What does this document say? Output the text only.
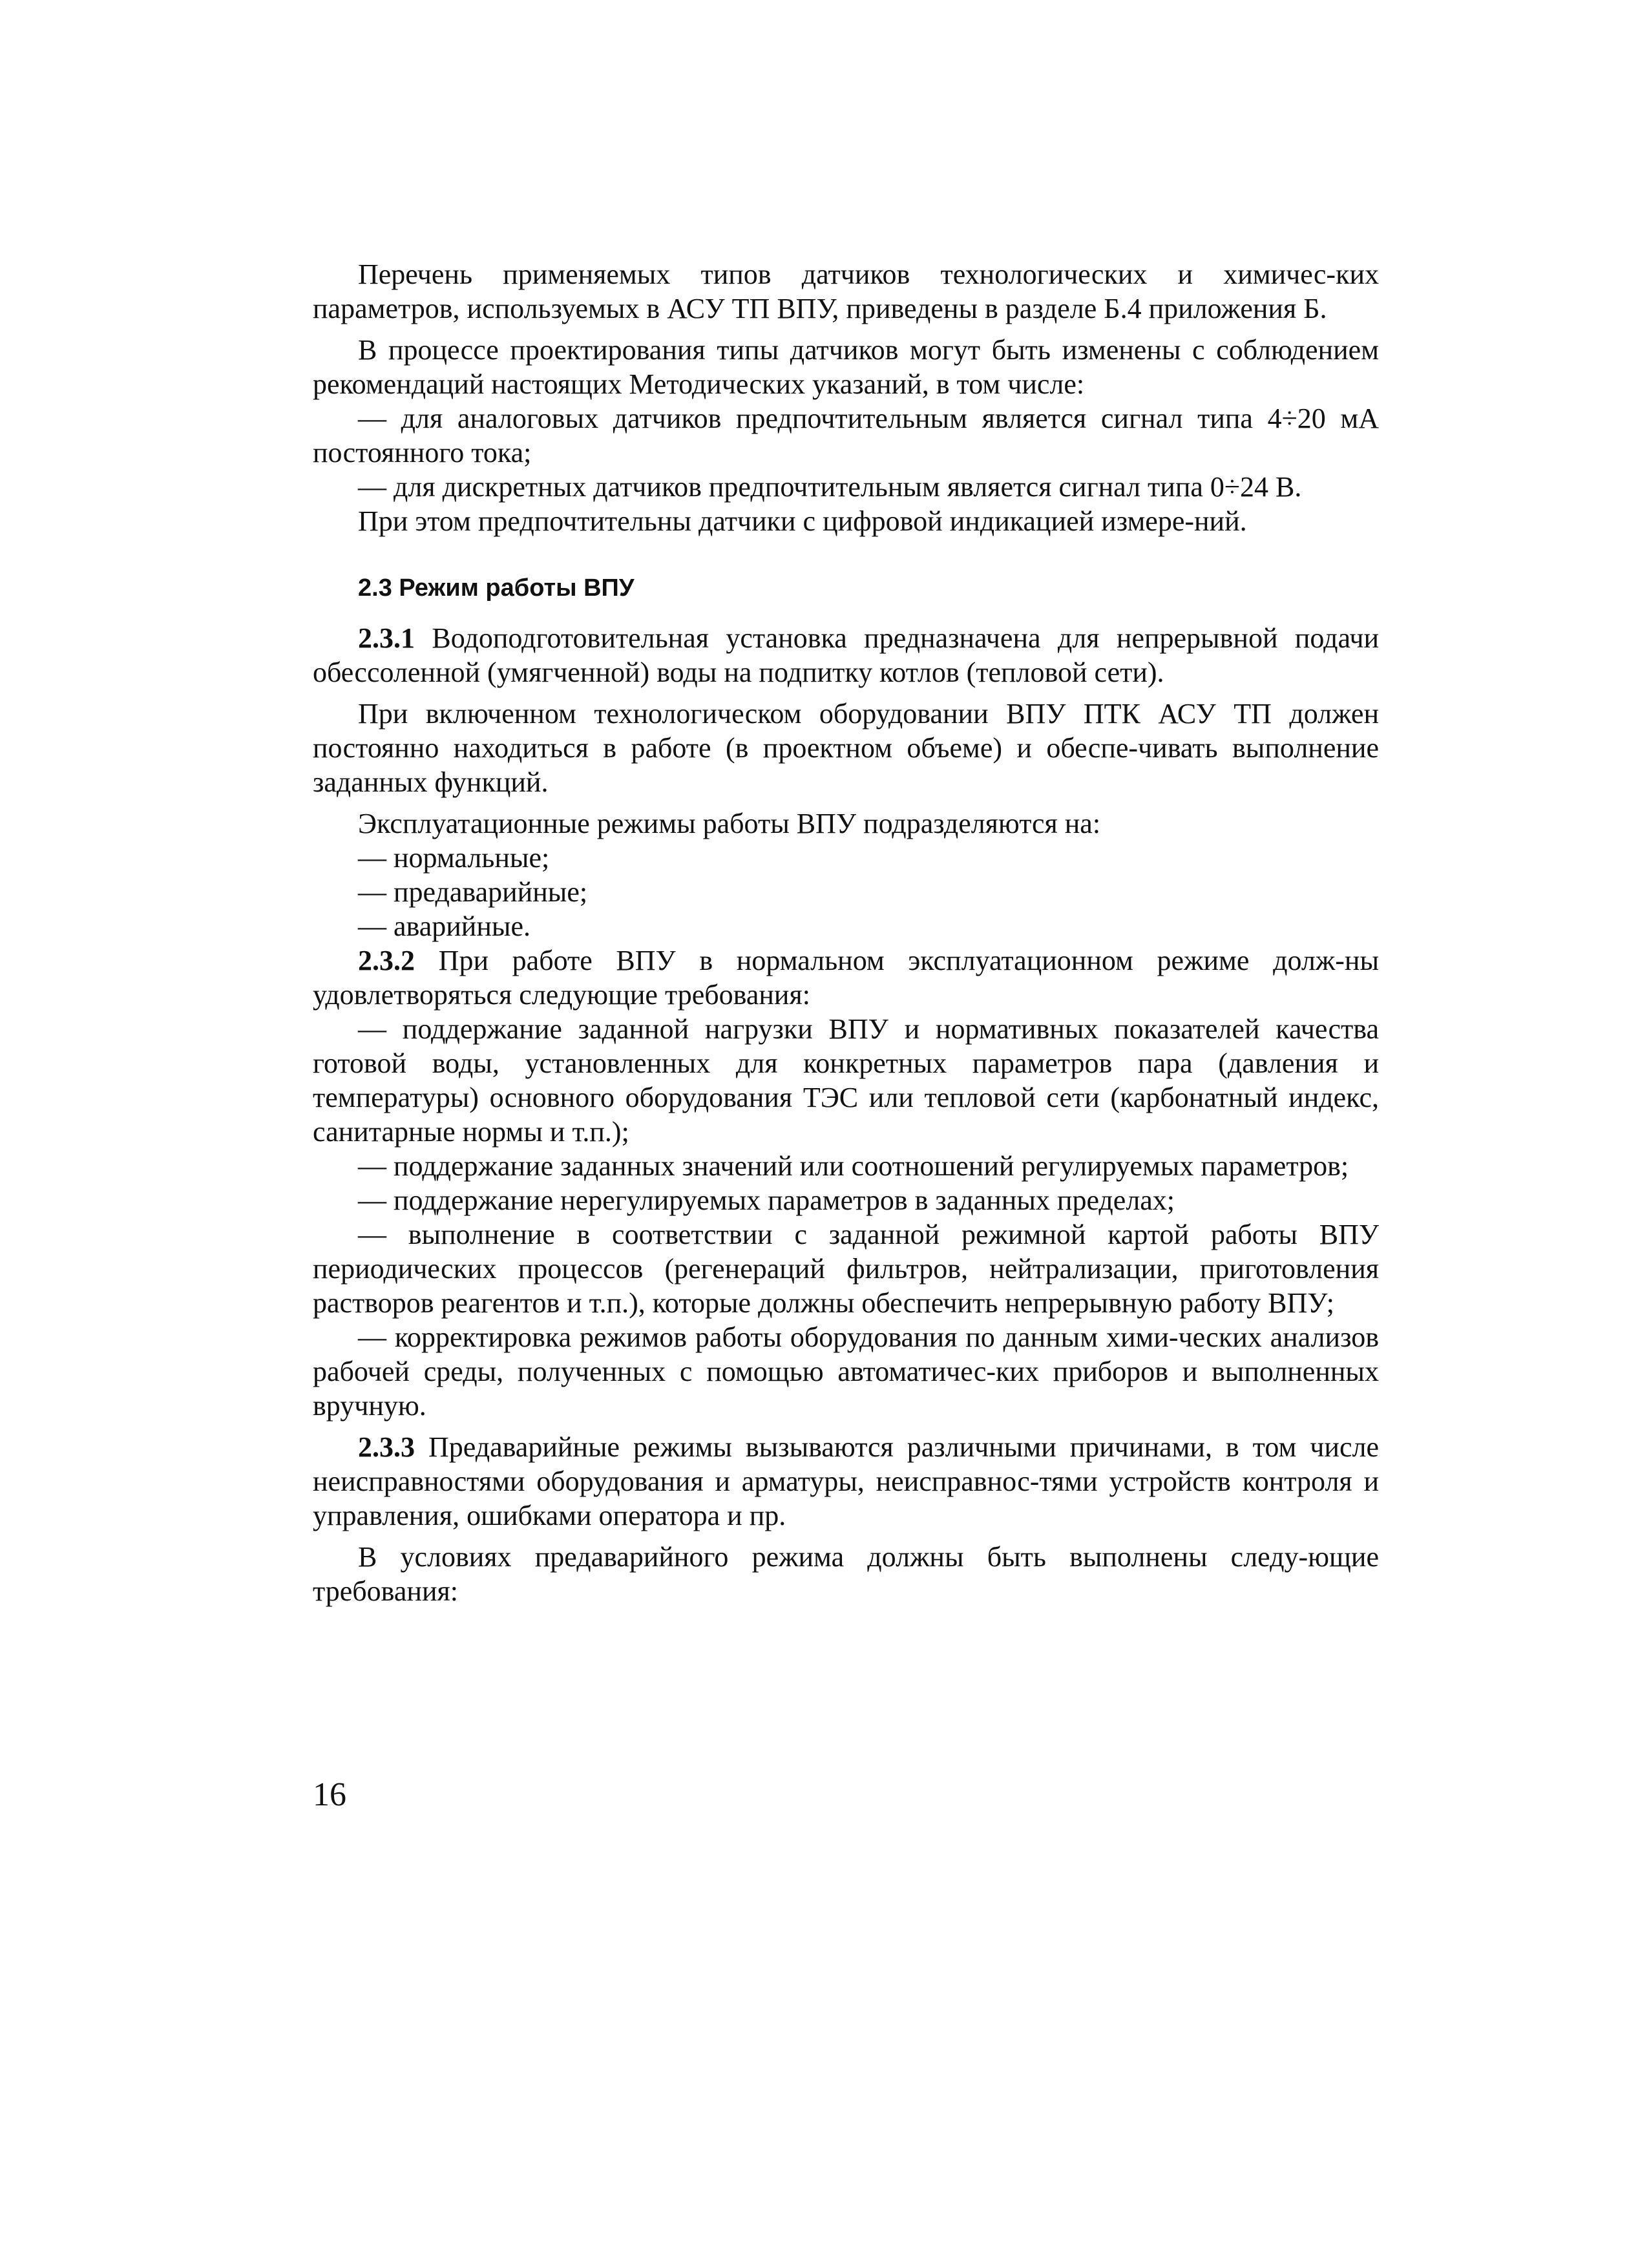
Перечень применяемых типов датчиков технологических и химичес-ких параметров, используемых в АСУ ТП ВПУ, приведены в разделе Б.4 приложения Б.

В процессе проектирования типы датчиков могут быть изменены с соблюдением рекомендаций настоящих Методических указаний, в том числе:

— для аналоговых датчиков предпочтительным является сигнал типа 4÷20 мА постоянного тока;

— для дискретных датчиков предпочтительным является сигнал типа 0÷24 В.

При этом предпочтительны датчики с цифровой индикацией измере-ний.

2.3 Режим работы ВПУ

2.3.1 Водоподготовительная установка предназначена для непрерывной подачи обессоленной (умягченной) воды на подпитку котлов (тепловой сети).

При включенном технологическом оборудовании ВПУ ПТК АСУ ТП должен постоянно находиться в работе (в проектном объеме) и обеспе-чивать выполнение заданных функций.

Эксплуатационные режимы работы ВПУ подразделяются на:

— нормальные;

— предаварийные;

— аварийные.

2.3.2 При работе ВПУ в нормальном эксплуатационном режиме долж-ны удовлетворяться следующие требования:

— поддержание заданной нагрузки ВПУ и нормативных показателей качества готовой воды, установленных для конкретных параметров пара (давления и температуры) основного оборудования ТЭС или тепловой сети (карбонатный индекс, санитарные нормы и т.п.);

— поддержание заданных значений или соотношений регулируемых параметров;

— поддержание нерегулируемых параметров в заданных пределах;

— выполнение в соответствии с заданной режимной картой работы ВПУ периодических процессов (регенераций фильтров, нейтрализации, приготовления растворов реагентов и т.п.), которые должны обеспечить непрерывную работу ВПУ;

— корректировка режимов работы оборудования по данным хими-ческих анализов рабочей среды, полученных с помощью автоматичес-ких приборов и выполненных вручную.

2.3.3 Предаварийные режимы вызываются различными причинами, в том числе неисправностями оборудования и арматуры, неисправнос-тями устройств контроля и управления, ошибками оператора и пр.

В условиях предаварийного режима должны быть выполнены следу-ющие требования:

16
